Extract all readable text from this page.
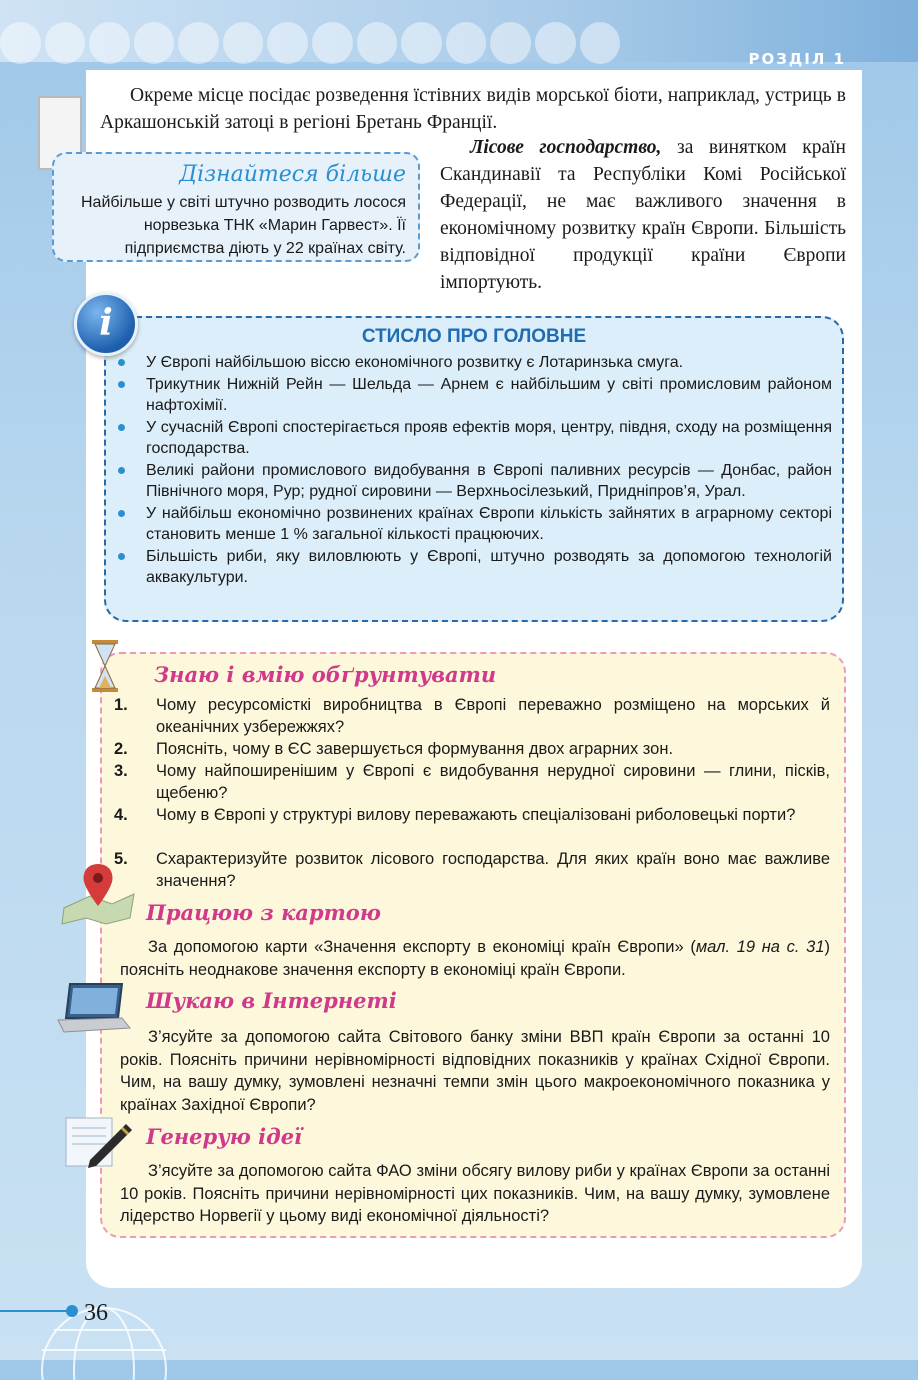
РОЗДІЛ 1
Окреме місце посідає розведення їстівних видів морської біоти, наприклад, устриць в Аркашонській затоці в регіоні Бретань Франції.
Дізнайтеся більше

Найбільше у світі штучно розводить лосося норвезька ТНК «Марин Гарвест». Її підприємства діють у 22 країнах світу.

Лісове господарство, за винятком країн Скандинавії та Республіки Комі Російської Федерації, не має важливого значення в економічному розвитку країн Європи. Більшість відповідної продукції країни Європи імпортують.
СТИСЛО ПРО ГОЛОВНЕ
У Європі найбільшою віссю економічного розвитку є Лотаринзька смуга.
Трикутник Нижній Рейн — Шельда — Арнем є найбільшим у світі промисловим районом нафтохімії.
У сучасній Європі спостерігається прояв ефектів моря, центру, півдня, сходу на розміщення господарства.
Великі райони промислового видобування в Європі паливних ресурсів — Донбас, район Північного моря, Рур; рудної сировини — Верхньосілезький, Придніпров’я, Урал.
У найбільш економічно розвинених країнах Європи кількість зайнятих в аграрному секторі становить менше 1 % загальної кількості працюючих.
Більшість риби, яку виловлюють у Європі, штучно розводять за допомогою технологій аквакультури.
i
Знаю і вмію обґрунтувати
1. Чому ресурсомісткі виробництва в Європі переважно розміщено на морських й океанічних узбережжях?
2. Поясніть, чому в ЄС завершується формування двох аграрних зон.
3. Чому найпоширенішим у Європі є видобування нерудної сировини — глини, пісків, щебеню?
4. Чому в Європі у структурі вилову переважають спеціалізовані риболовецькі порти?
5. Схарактеризуйте розвиток лісового господарства. Для яких країн воно має важливе значення?
Працюю з картою
За допомогою карти «Значення експорту в економіці країн Європи» (мал. 19 на с. 31) поясніть неоднакове значення експорту в економіці країн Європи.
Шукаю в Інтернеті
З’ясуйте за допомогою сайта Світового банку зміни ВВП країн Європи за останні 10 років. Поясніть причини нерівномірності відповідних показників у країнах Східної Європи. Чим, на вашу думку, зумовлені незначні темпи змін цього макроекономічного показника у країнах Західної Європи?
Генерую ідеї
З’ясуйте за допомогою сайта ФАО зміни обсягу вилову риби у країнах Європи за останні 10 років. Поясніть причини нерівномірності цих показників. Чим, на вашу думку, зумовлене лідерство Норвегії у цьому виді економічної діяльності?
36
